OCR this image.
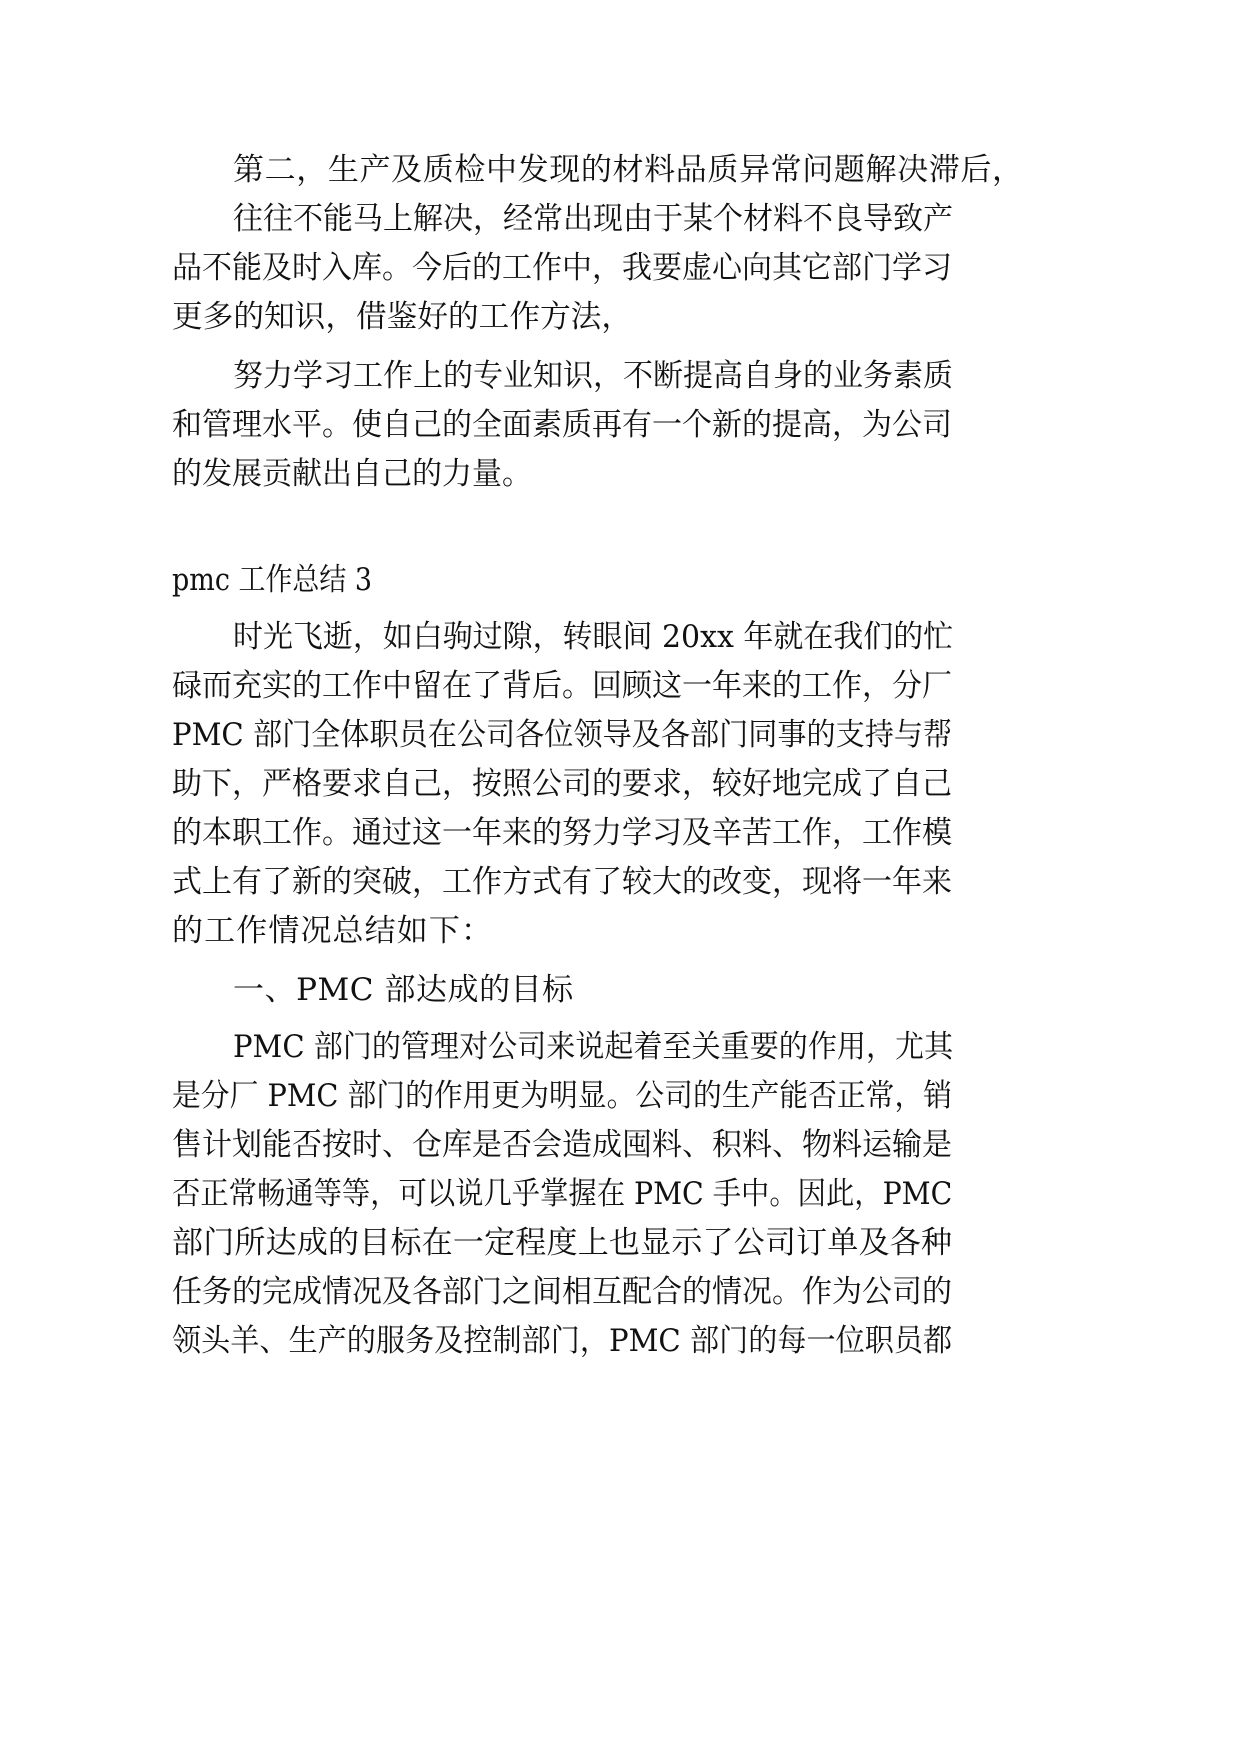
第二，生产及质检中发现的材料品质异常问题解决滞后，
往往不能马上解决，经常出现由于某个材料不良导致产
品不能及时入库。今后的工作中，我要虚心向其它部门学习
更多的知识，借鉴好的工作方法，
努力学习工作上的专业知识，不断提高自身的业务素质
和管理水平。使自己的全面素质再有一个新的提高，为公司
的发展贡献出自己的力量。
pmc 工作总结 3
时光飞逝，如白驹过隙，转眼间 20xx 年就在我们的忙
碌而充实的工作中留在了背后。回顾这一年来的工作，分厂
PMC 部门全体职员在公司各位领导及各部门同事的支持与帮
助下，严格要求自己，按照公司的要求，较好地完成了自己
的本职工作。通过这一年来的努力学习及辛苦工作，工作模
式上有了新的突破，工作方式有了较大的改变，现将一年来
的工作情况总结如下：
一、PMC 部达成的目标
PMC 部门的管理对公司来说起着至关重要的作用，尤其
是分厂 PMC 部门的作用更为明显。公司的生产能否正常，销
售计划能否按时、仓库是否会造成囤料、积料、物料运输是
否正常畅通等等，可以说几乎掌握在 PMC 手中。因此，PMC
部门所达成的目标在一定程度上也显示了公司订单及各种
任务的完成情况及各部门之间相互配合的情况。作为公司的
领头羊、生产的服务及控制部门，PMC 部门的每一位职员都
